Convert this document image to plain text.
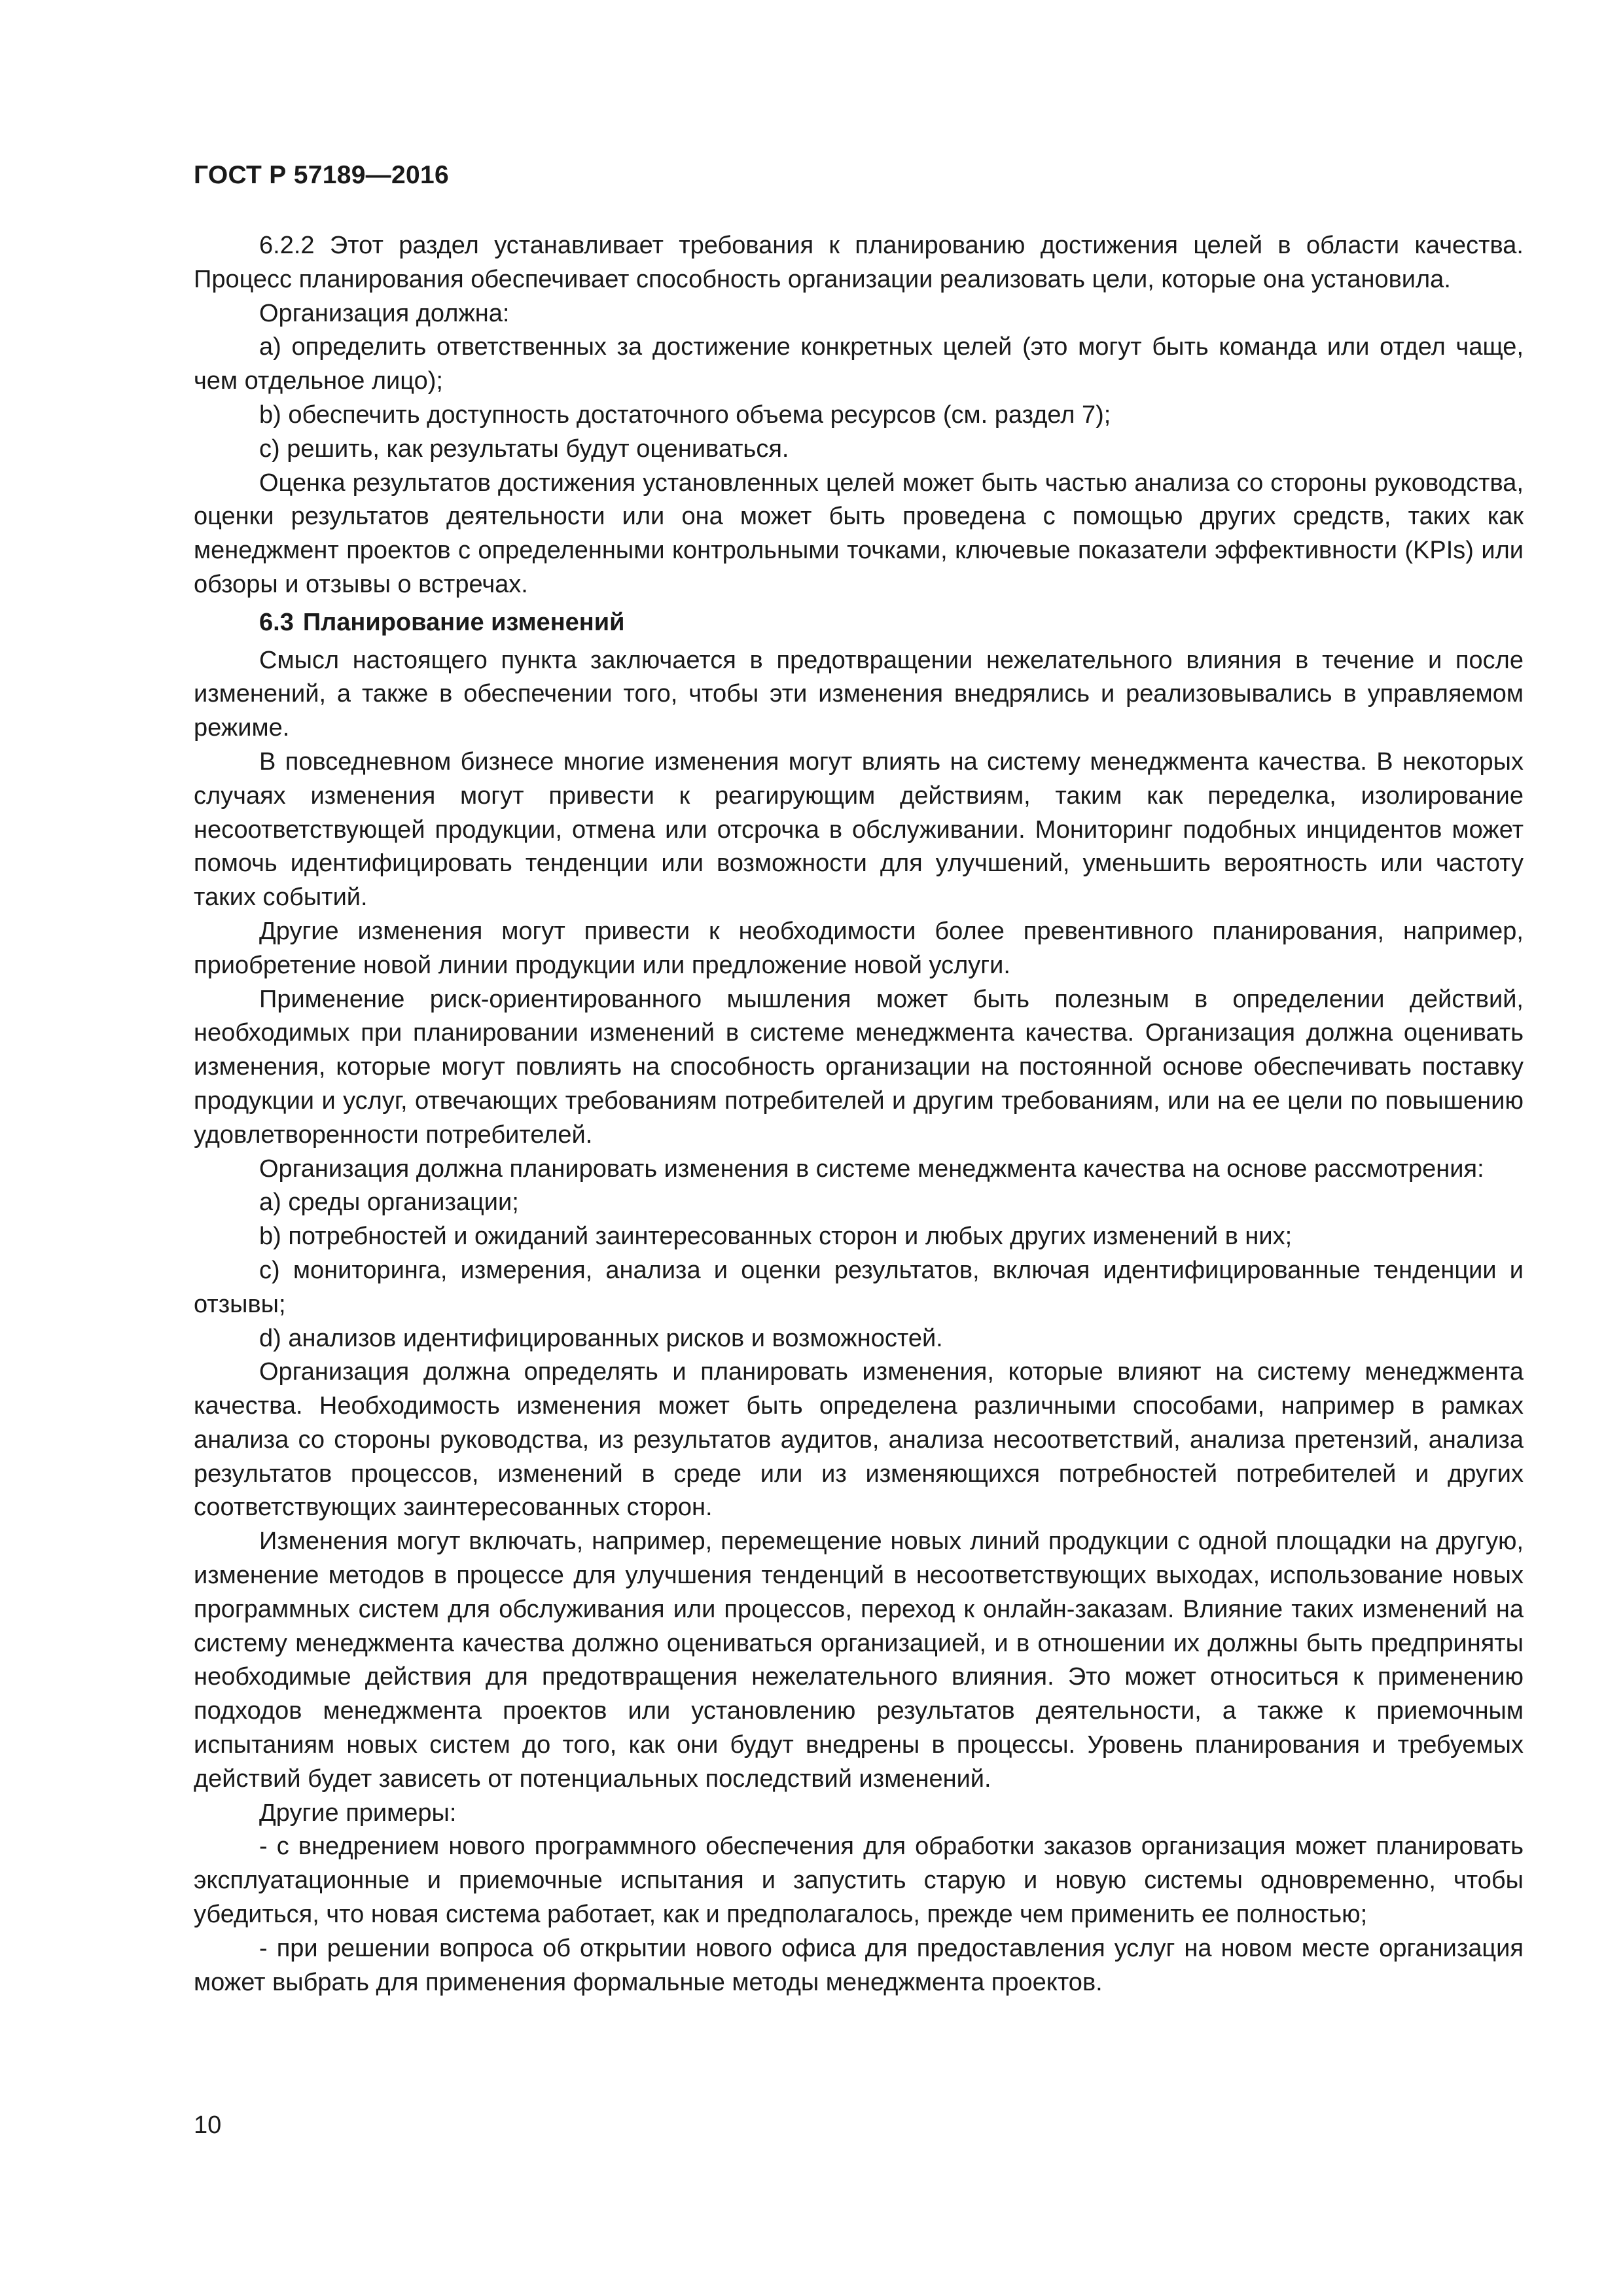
ГОСТ Р 57189—2016

6.2.2 Этот раздел устанавливает требования к планированию достижения целей в области качества. Процесс планирования обеспечивает способность организации реализовать цели, которые она установила.

Организация должна:

a) определить ответственных за достижение конкретных целей (это могут быть команда или отдел чаще, чем отдельное лицо);

b) обеспечить доступность достаточного объема ресурсов (см. раздел 7);

c) решить, как результаты будут оцениваться.

Оценка результатов достижения установленных целей может быть частью анализа со стороны руководства, оценки результатов деятельности или она может быть проведена с помощью других средств, таких как менеджмент проектов с определенными контрольными точками, ключевые показатели эффективности (KPIs) или обзоры и отзывы о встречах.

6.3 Планирование изменений

Смысл настоящего пункта заключается в предотвращении нежелательного влияния в течение и после изменений, а также в обеспечении того, чтобы эти изменения внедрялись и реализовывались в управляемом режиме.

В повседневном бизнесе многие изменения могут влиять на систему менеджмента качества. В некоторых случаях изменения могут привести к реагирующим действиям, таким как переделка, изолирование несоответствующей продукции, отмена или отсрочка в обслуживании. Мониторинг подобных инцидентов может помочь идентифицировать тенденции или возможности для улучшений, уменьшить вероятность или частоту таких событий.

Другие изменения могут привести к необходимости более превентивного планирования, например, приобретение новой линии продукции или предложение новой услуги.

Применение риск-ориентированного мышления может быть полезным в определении действий, необходимых при планировании изменений в системе менеджмента качества. Организация должна оценивать изменения, которые могут повлиять на способность организации на постоянной основе обеспечивать поставку продукции и услуг, отвечающих требованиям потребителей и другим требованиям, или на ее цели по повышению удовлетворенности потребителей.

Организация должна планировать изменения в системе менеджмента качества на основе рассмотрения:

a) среды организации;

b) потребностей и ожиданий заинтересованных сторон и любых других изменений в них;

c) мониторинга, измерения, анализа и оценки результатов, включая идентифицированные тенденции и отзывы;

d) анализов идентифицированных рисков и возможностей.

Организация должна определять и планировать изменения, которые влияют на систему менеджмента качества. Необходимость изменения может быть определена различными способами, например в рамках анализа со стороны руководства, из результатов аудитов, анализа несоответствий, анализа претензий, анализа результатов процессов, изменений в среде или из изменяющихся потребностей потребителей и других соответствующих заинтересованных сторон.

Изменения могут включать, например, перемещение новых линий продукции с одной площадки на другую, изменение методов в процессе для улучшения тенденций в несоответствующих выходах, использование новых программных систем для обслуживания или процессов, переход к онлайн-заказам. Влияние таких изменений на систему менеджмента качества должно оцениваться организацией, и в отношении их должны быть предприняты необходимые действия для предотвращения нежелательного влияния. Это может относиться к применению подходов менеджмента проектов или установлению результатов деятельности, а также к приемочным испытаниям новых систем до того, как они будут внедрены в процессы. Уровень планирования и требуемых действий будет зависеть от потенциальных последствий изменений.

Другие примеры:

- с внедрением нового программного обеспечения для обработки заказов организация может планировать эксплуатационные и приемочные испытания и запустить старую и новую системы одновременно, чтобы убедиться, что новая система работает, как и предполагалось, прежде чем применить ее полностью;

- при решении вопроса об открытии нового офиса для предоставления услуг на новом месте организация может выбрать для применения формальные методы менеджмента проектов.

10
